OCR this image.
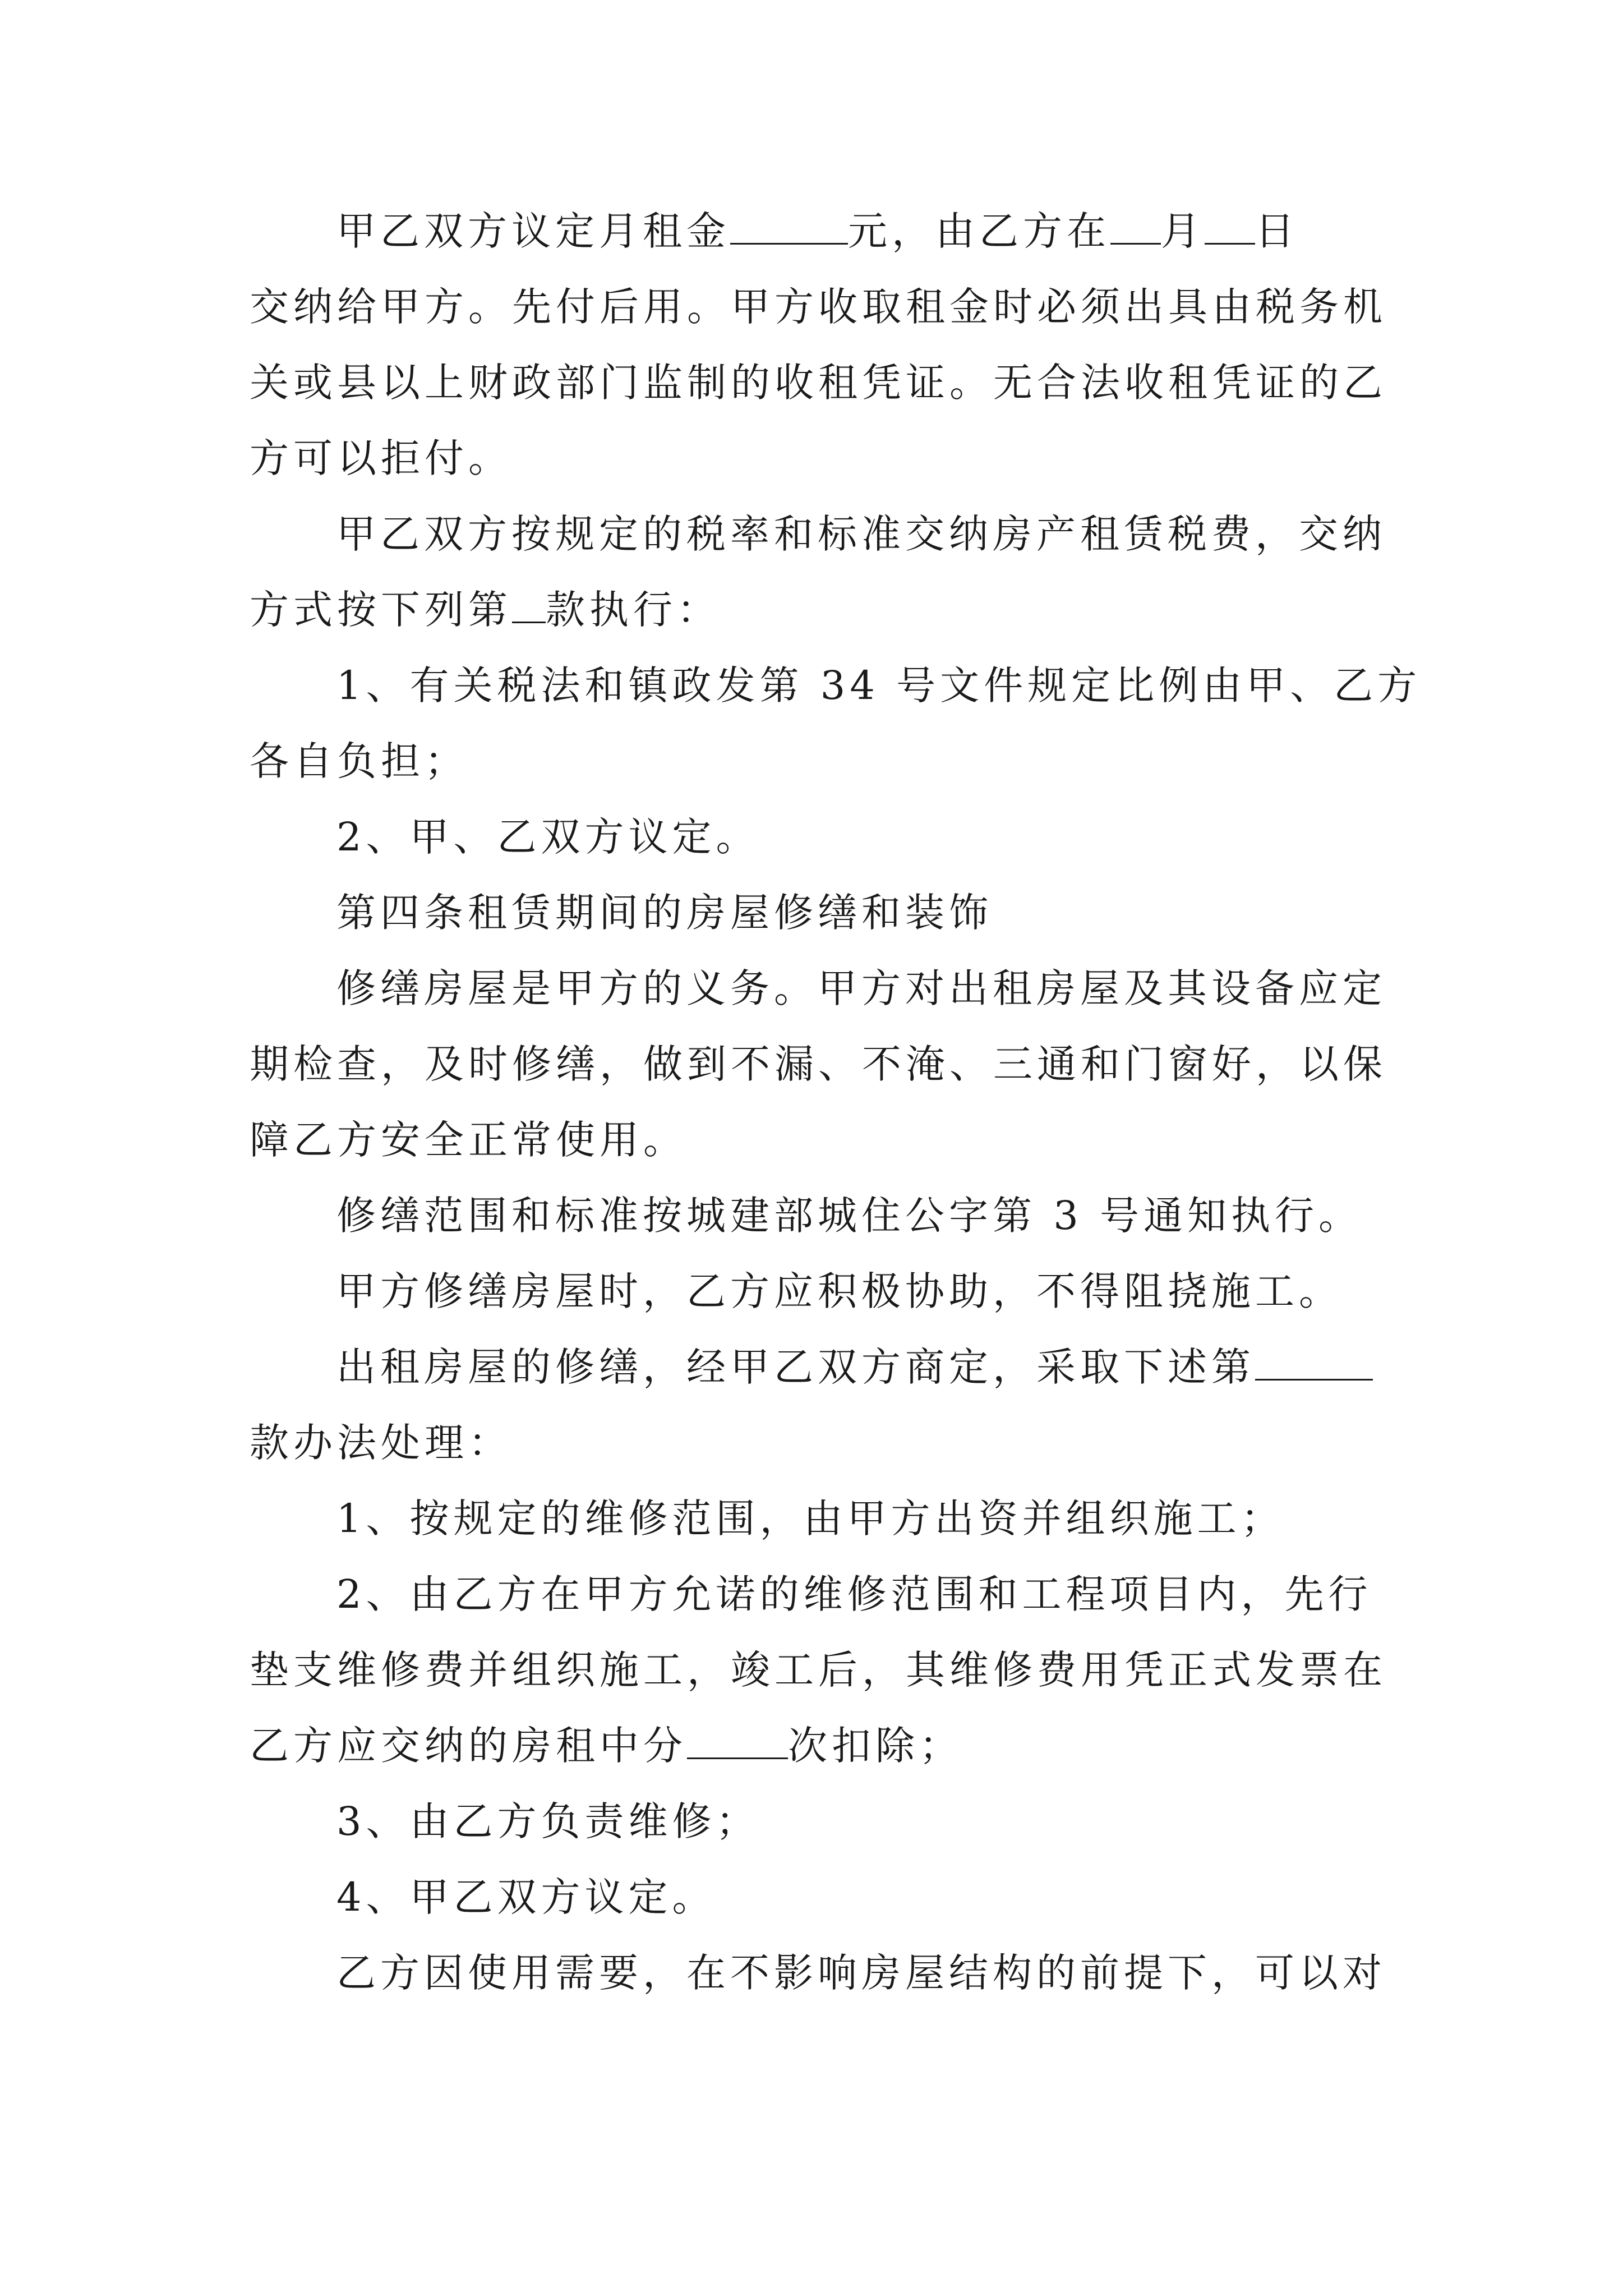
甲乙双方议定月租金	元，由乙方在 月 日
交纳给甲方。先付后用。甲方收取租金时必须出具由税务机
关或县以上财政部门监制的收租凭证。无合法收租凭证的乙
方可以拒付。
甲乙双方按规定的税率和标准交纳房产租赁税费，交纳
方式按下列第 款执行：
1、有关税法和镇政发第 34 号文件规定比例由甲、乙方
各自负担；
2、甲、乙双方议定。
第四条租赁期间的房屋修缮和装饰
修缮房屋是甲方的义务。甲方对出租房屋及其设备应定
期检查，及时修缮，做到不漏、不淹、三通和门窗好，以保
障乙方安全正常使用。
修缮范围和标准按城建部城住公字第 3 号通知执行。
甲方修缮房屋时，乙方应积极协助，不得阻挠施工。
出租房屋的修缮，经甲乙双方商定，采取下述第
款办法处理：
1、按规定的维修范围，由甲方出资并组织施工；
2、由乙方在甲方允诺的维修范围和工程项目内，先行
垫支维修费并组织施工，竣工后，其维修费用凭正式发票在
乙方应交纳的房租中分	次扣除；
3、由乙方负责维修；
4、甲乙双方议定。
乙方因使用需要，在不影响房屋结构的前提下，可以对
